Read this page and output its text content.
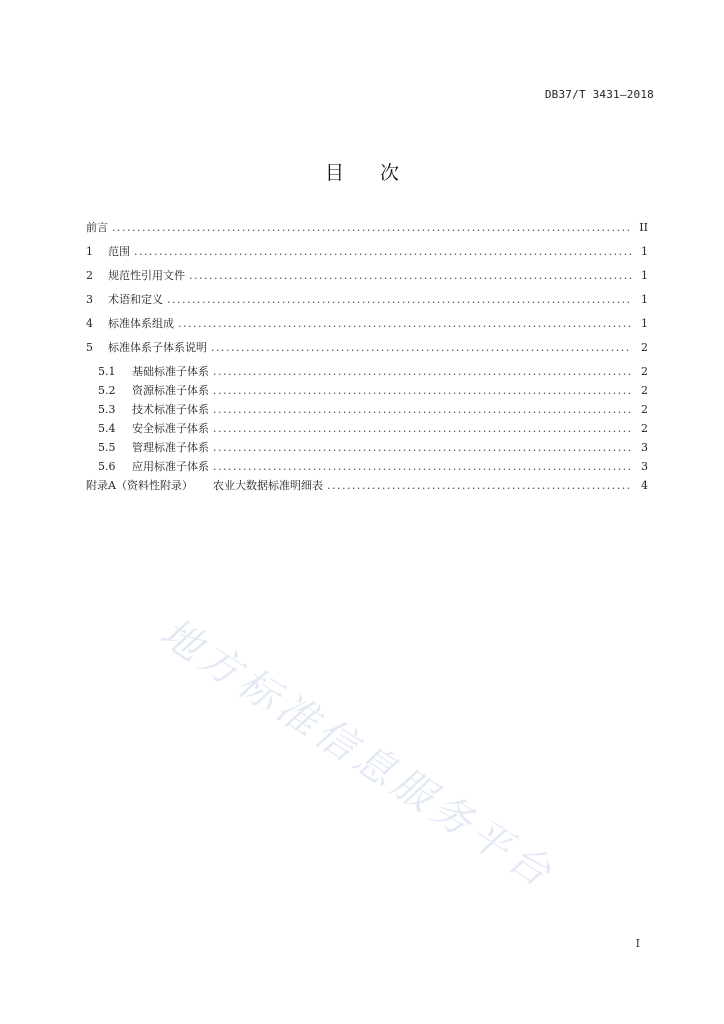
DB37/T 3431—2018
目 次
前言 .....	II
1	范围 .....	1
2	规范性引用文件 .....	1
3	术语和定义 .....	1
4	标准体系组成 .....	1
5	标准体系子体系说明 .....	2
5.1	基础标准子体系 .....	2
5.2	资源标准子体系 .....	2
5.3	技术标准子体系 .....	2
5.4	安全标准子体系 .....	2
5.5	管理标准子体系 .....	3
5.6	应用标准子体系 .....	3
附录A（资料性附录） 农业大数据标准明细表 .....	4
地方标准信息服务平台
I
